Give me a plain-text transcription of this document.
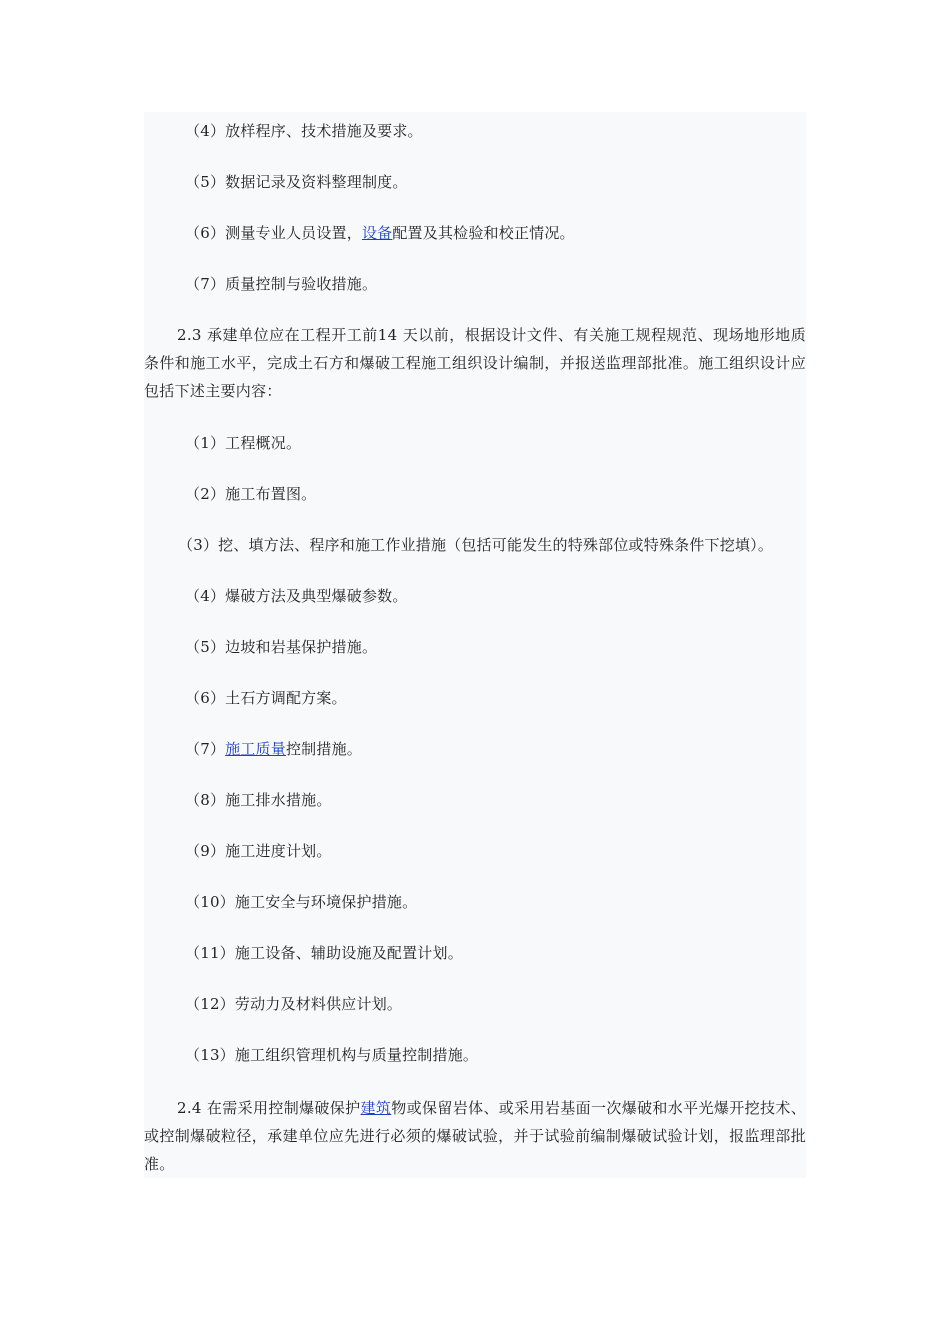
（4）放样程序、技术措施及要求。
（5）数据记录及资料整理制度。
（6）测量专业人员设置，设备配置及其检验和校正情况。
（7）质量控制与验收措施。
2.3 承建单位应在工程开工前14 天以前，根据设计文件、有关施工规程规范、现场地形地质条件和施工水平，完成土石方和爆破工程施工组织设计编制，并报送监理部批准。施工组织设计应包括下述主要内容：
（1）工程概况。
（2）施工布置图。
（3）挖、填方法、程序和施工作业措施（包括可能发生的特殊部位或特殊条件下挖填）。
（4）爆破方法及典型爆破参数。
（5）边坡和岩基保护措施。
（6）土石方调配方案。
（7）施工质量控制措施。
（8）施工排水措施。
（9）施工进度计划。
（10）施工安全与环境保护措施。
（11）施工设备、辅助设施及配置计划。
（12）劳动力及材料供应计划。
（13）施工组织管理机构与质量控制措施。
2.4 在需采用控制爆破保护建筑物或保留岩体、或采用岩基面一次爆破和水平光爆开挖技术、或控制爆破粒径，承建单位应先进行必须的爆破试验，并于试验前编制爆破试验计划，报监理部批准。
